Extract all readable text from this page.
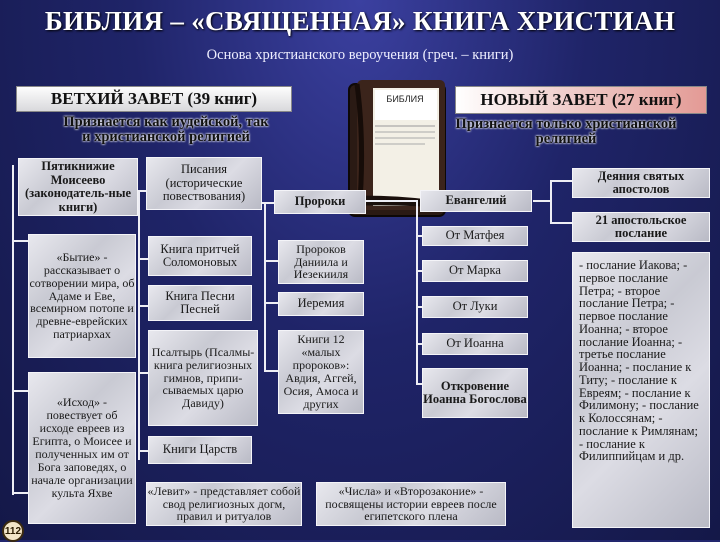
БИБЛИЯ – «СВЯЩЕННАЯ» КНИГА ХРИСТИАН
Основа христианского вероучения (греч. – книги)
БИБЛИЯ
ВЕТХИЙ ЗАВЕТ (39 книг)	НОВЫЙ ЗАВЕТ (27 книг)
Признается как иудейской, так и христианской религией
Признается только христианской религией
Пятикнижие Моисеево (законодатель-ные книги)
«Бытие» - рассказывает о сотворении мира, об Адаме и Еве, всемирном потопе и древне-еврейских патриархах
«Исход» - повествует об исходе евреев из Египта, о Моисее и полученных им от Бога заповедях, о начале организации культа Яхве
Писания (исторические повествования)
Книга притчей Соломоновых
Книга Песни Песней
Псалтырь (Псалмы-книга религиозных гимнов, припи-сываемых царю Давиду)
Книги Царств
Пророки
Пророков Даниила и Иезекииля
Иеремия
Книги 12 «малых пророков»: Авдия, Аггей, Осия, Амоса и других
Евангелий
От Матфея
От Марка
От Луки
От Иоанна
Откровение Иоанна Богослова
Деяния святых апостолов
21 апостольское послание
- послание Иакова; - первое послание Петра; - второе послание Петра; - первое послание Иоанна; - второе послание Иоанна; - третье послание Иоанна; - послание к Титу; - послание к Евреям; - послание к Филимону; - послание к Колоссянам; - послание к Римлянам; - послание к Филиппийцам и др.
«Левит» - представляет собой свод религиозных догм, правил и ритуалов
«Числа» и «Второзаконие» - посвящены истории евреев после египетского плена
112
